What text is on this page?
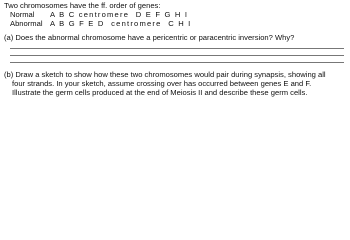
Two chromosomes have the ff. order of genes:
Normal	A B C centromere  D E F G H I
Abnormal A B G F E D  centromere  C H I
(a) Does the abnormal chromosome have a pericentric or paracentric inversion? Why?
(b) Draw a sketch to show how these two chromosomes would pair during synapsis, showing all
four strands. In your sketch, assume crossing over has occurred between genes E and F.
Illustrate the germ cells produced at the end of Meiosis II and describe these germ cells.
